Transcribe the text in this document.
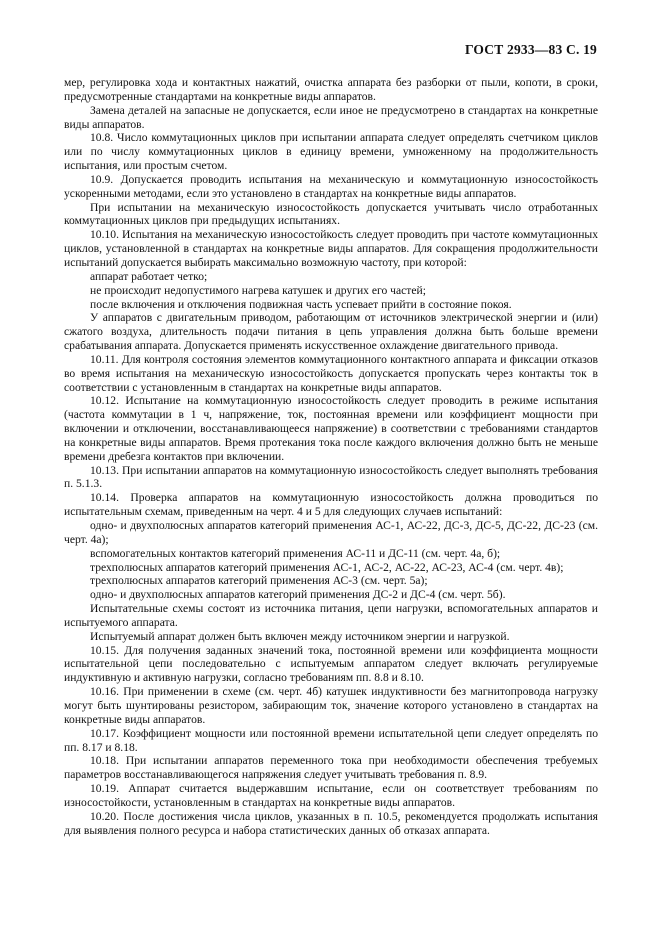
ГОСТ 2933—83 С. 19

мер, регулировка хода и контактных нажатий, очистка аппарата без разборки от пыли, копоти, в сроки, предусмотренные стандартами на конкретные виды аппаратов.

Замена деталей на запасные не допускается, если иное не предусмотрено в стандартах на конкретные виды аппаратов.

10.8. Число коммутационных циклов при испытании аппарата следует определять счетчиком циклов или по числу коммутационных циклов в единицу времени, умноженному на продолжительность испытания, или простым счетом.

10.9. Допускается проводить испытания на механическую и коммутационную износостойкость ускоренными методами, если это установлено в стандартах на конкретные виды аппаратов.

При испытании на механическую износостойкость допускается учитывать число отработанных коммутационных циклов при предыдущих испытаниях.

10.10. Испытания на механическую износостойкость следует проводить при частоте коммутационных циклов, установленной в стандартах на конкретные виды аппаратов. Для сокращения продолжительности испытаний допускается выбирать максимально возможную частоту, при которой:

аппарат работает четко;

не происходит недопустимого нагрева катушек и других его частей;

после включения и отключения подвижная часть успевает прийти в состояние покоя.

У аппаратов с двигательным приводом, работающим от источников электрической энергии и (или) сжатого воздуха, длительность подачи питания в цепь управления должна быть больше времени срабатывания аппарата. Допускается применять искусственное охлаждение двигательного привода.

10.11. Для контроля состояния элементов коммутационного контактного аппарата и фиксации отказов во время испытания на механическую износостойкость допускается пропускать через контакты ток в соответствии с установленным в стандартах на конкретные виды аппаратов.

10.12. Испытание на коммутационную износостойкость следует проводить в режиме испытания (частота коммутации в 1 ч, напряжение, ток, постоянная времени или коэффициент мощности при включении и отключении, восстанавливающееся напряжение) в соответствии с требованиями стандартов на конкретные виды аппаратов. Время протекания тока после каждого включения должно быть не меньше времени дребезга контактов при включении.

10.13. При испытании аппаратов на коммутационную износостойкость следует выполнять требования п. 5.1.3.

10.14. Проверка аппаратов на коммутационную износостойкость должна проводиться по испытательным схемам, приведенным на черт. 4 и 5 для следующих случаев испытаний:

одно- и двухполюсных аппаратов категорий применения АС-1, АС-22, ДС-3, ДС-5, ДС-22, ДС-23 (см. черт. 4а);

вспомогательных контактов категорий применения АС-11 и ДС-11 (см. черт. 4а, б);

трехполюсных аппаратов категорий применения АС-1, АС-2, АС-22, АС-23, АС-4 (см. черт. 4в);

трехполюсных аппаратов категорий применения АС-3 (см. черт. 5а);

одно- и двухполюсных аппаратов категорий применения ДС-2 и ДС-4 (см. черт. 5б).

Испытательные схемы состоят из источника питания, цепи нагрузки, вспомогательных аппаратов и испытуемого аппарата.

Испытуемый аппарат должен быть включен между источником энергии и нагрузкой.

10.15. Для получения заданных значений тока, постоянной времени или коэффициента мощности испытательной цепи последовательно с испытуемым аппаратом следует включать регулируемые индуктивную и активную нагрузки, согласно требованиям пп. 8.8 и 8.10.

10.16. При применении в схеме (см. черт. 4б) катушек индуктивности без магнитопровода нагрузку могут быть шунтированы резистором, забирающим ток, значение которого установлено в стандартах на конкретные виды аппаратов.

10.17. Коэффициент мощности или постоянной времени испытательной цепи следует определять по пп. 8.17 и 8.18.

10.18. При испытании аппаратов переменного тока при необходимости обеспечения требуемых параметров восстанавливающегося напряжения следует учитывать требования п. 8.9.

10.19. Аппарат считается выдержавшим испытание, если он соответствует требованиям по износостойкости, установленным в стандартах на конкретные виды аппаратов.

10.20. После достижения числа циклов, указанных в п. 10.5, рекомендуется продолжать испытания для выявления полного ресурса и набора статистических данных об отказах аппарата.
